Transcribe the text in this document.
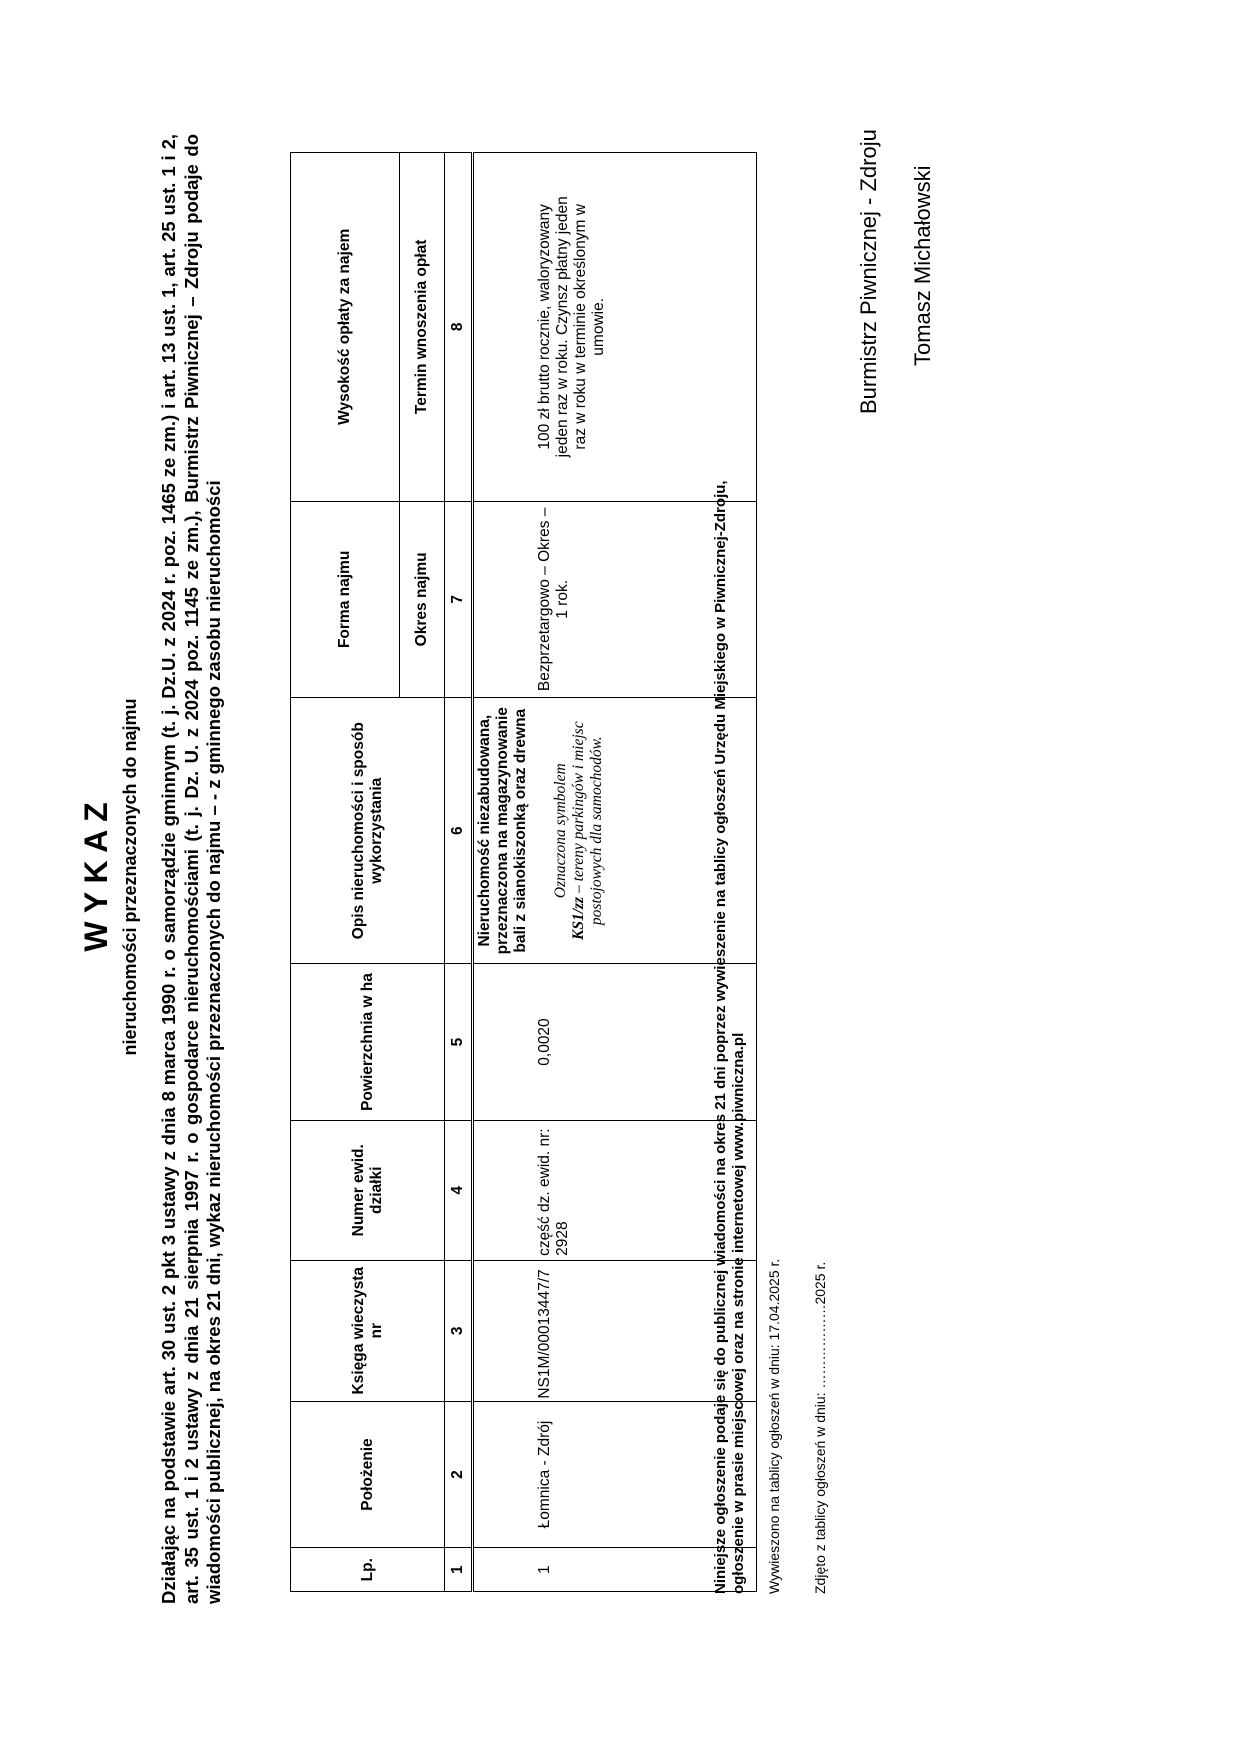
W Y K A Z nieruchomości przeznaczonych do najmu Działając na podstawie art. 30 ust. 2 pkt 3 ustawy z dnia 8 marca 1990 r. o samorządzie gminnym (t. j. Dz.U. z 2024 r. poz. 1465 ze zm.) i art. 13 ust. 1, art. 25 ust. 1 i 2, art. 35 ust. 1 i 2 ustawy z dnia 21 sierpnia 1997 r. o gospodarce nieruchomościami (t. j. Dz. U. z 2024 poz. 1145 ze zm.), Burmistrz Piwnicznej – Zdroju podaje do wiadomości publicznej, na okres 21 dni, wykaz nieruchomości przeznaczonych do najmu – - z gminnego zasobu nieruchomości	Lp.	Położenie	Księga wieczysta nr	Numer ewid. działki	Powierzchnia w ha	Opis nieruchomości i sposób wykorzystania	Forma najmu	Wysokość opłaty za najem
						Okres najmu	Termin wnoszenia opłat
1	2	3	4	5	6	7	8
1	Łomnica - Zdrój	NS1M/00013447/7	część dz. ewid. nr: 2928	0,0020	Nieruchomość niezabudowana, przeznaczona na magazynowanie bali z sianokiszonką oraz drewna Oznaczona symbolem
KS1/zz – tereny parkingów i miejsc postojowych dla samochodów.	Bezprzetargowo – Okres – 1 rok.	100 zł brutto rocznie, waloryzowany jeden raz w roku. Czynsz płatny jeden raz w roku w terminie określonym w umowie.
Niniejsze ogłoszenie podaje się do publicznej wiadomości na okres 21 dni poprzez wywieszenie na tablicy ogłoszeń Urzędu Miejskiego w Piwnicznej-Zdroju, ogłoszenie w prasie miejscowej oraz na stronie internetowej www.piwniczna.pl Wywieszono na tablicy ogłoszeń w dniu: 17.04.2025 r. Zdjęto z tablicy ogłoszeń w dniu: ………………2025 r.
Burmistrz Piwnicznej - Zdroju Tomasz Michałowski
